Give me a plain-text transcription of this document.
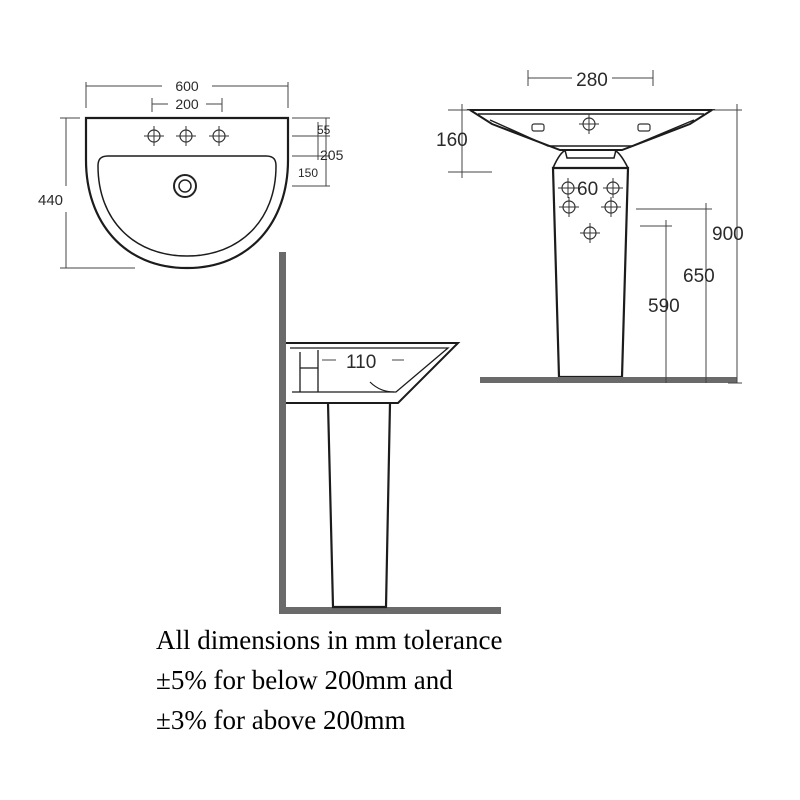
600
200
440
55
205
150
280
160
60
900
650
590
110
All dimensions in mm tolerance
±5% for below 200mm and
±3% for above 200mm
